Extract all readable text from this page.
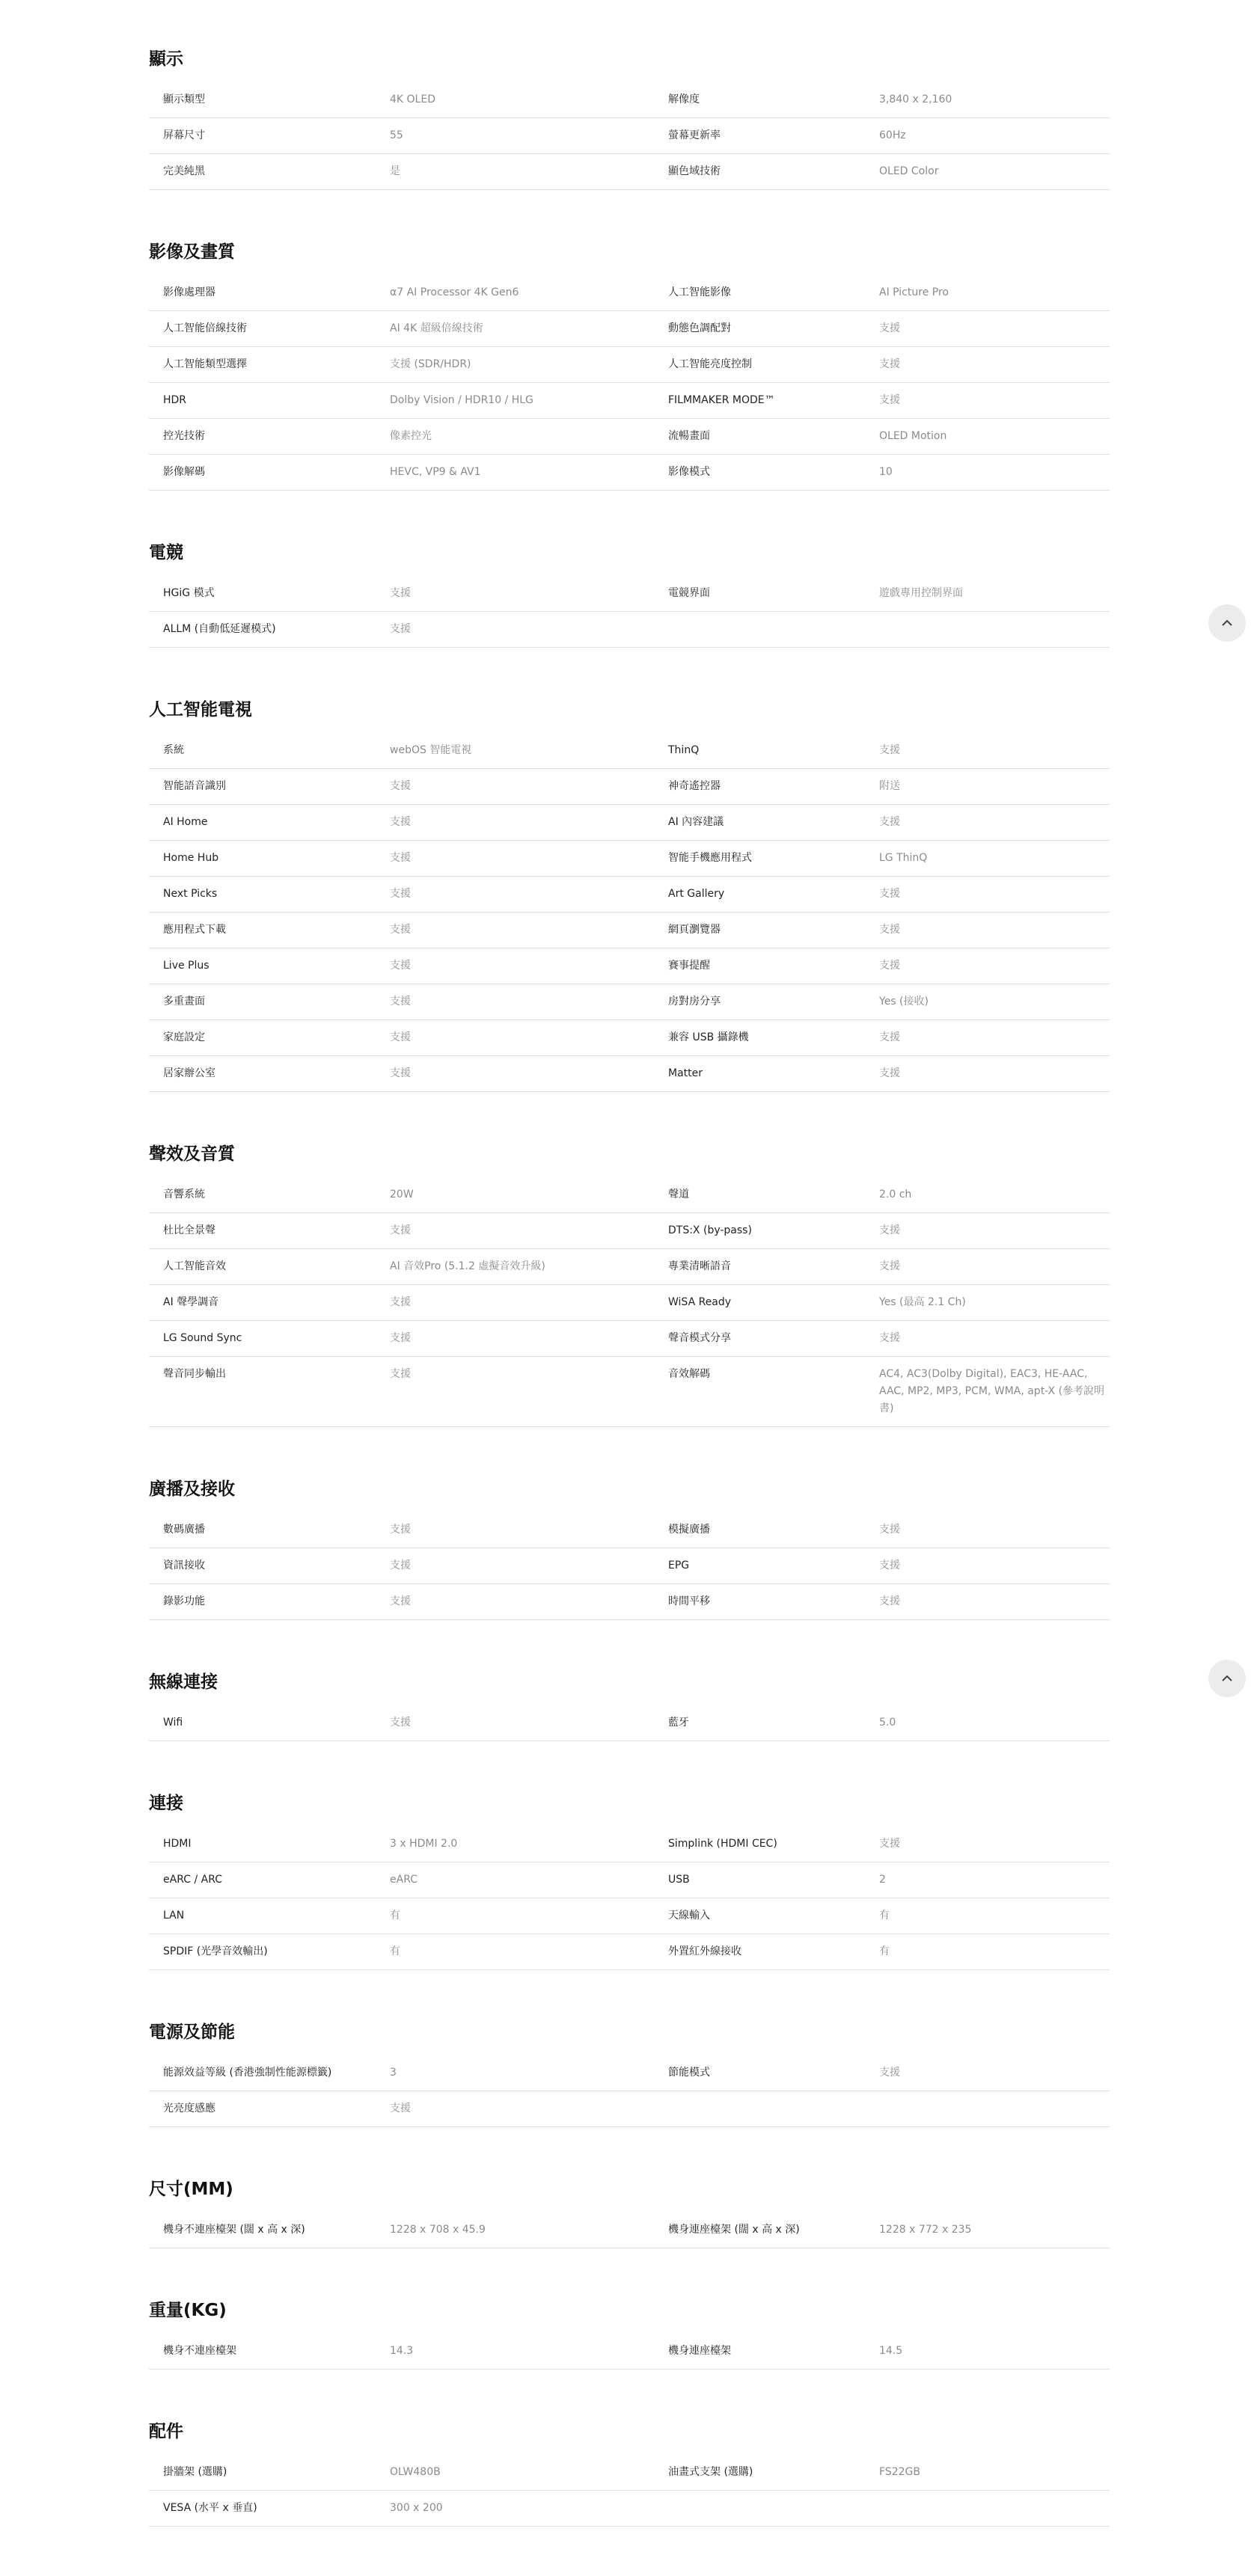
顯示
顯示類型	4K OLED	解像度	3,840 x 2,160
屏幕尺寸	55	螢幕更新率	60Hz
完美純黑	是	顯色域技術	OLED Color
影像及畫質
影像處理器	α7 AI Processor 4K Gen6	人工智能影像	AI Picture Pro
人工智能倍線技術	AI 4K 超級倍線技術	動態色調配對	支援
人工智能類型選擇	支援 (SDR/HDR)	人工智能亮度控制	支援
HDR	Dolby Vision / HDR10 / HLG	FILMMAKER MODE™	支援
控光技術	像素控光	流暢畫面	OLED Motion
影像解碼	HEVC, VP9 & AV1	影像模式	10
電競
HGiG 模式	支援	電競界面	遊戲專用控制界面
ALLM (自動低延遲模式)	支援
人工智能電視
系統	webOS 智能電視	ThinQ	支援
智能語音識別	支援	神奇遙控器	附送
AI Home	支援	AI 內容建議	支援
Home Hub	支援	智能手機應用程式	LG ThinQ
Next Picks	支援	Art Gallery	支援
應用程式下載	支援	網頁瀏覽器	支援
Live Plus	支援	賽事提醒	支援
多重畫面	支援	房對房分享	Yes (接收)
家庭設定	支援	兼容 USB 攝錄機	支援
居家辦公室	支援	Matter	支援
聲效及音質
音響系統	20W	聲道	2.0 ch
杜比全景聲	支援	DTS:X (by-pass)	支援
人工智能音效	AI 音效Pro (5.1.2 虛擬音效升級)	專業清晰語音	支援
AI 聲學調音	支援	WiSA Ready	Yes (最高 2.1 Ch)
LG Sound Sync	支援	聲音模式分享	支援
聲音同步輸出	支援	音效解碼	AC4, AC3(Dolby Digital), EAC3, HE-AAC, AAC, MP2, MP3, PCM, WMA, apt-X (參考說明書)
廣播及接收
數碼廣播	支援	模擬廣播	支援
資訊接收	支援	EPG	支援
錄影功能	支援	時間平移	支援
無線連接
Wifi	支援	藍牙	5.0
連接
HDMI	3 x HDMI 2.0	Simplink (HDMI CEC)	支援
eARC / ARC	eARC	USB	2
LAN	有	天線輸入	有
SPDIF (光學音效輸出)	有	外置紅外線接收	有
電源及節能
能源效益等級 (香港強制性能源標籤)	3	節能模式	支援
光亮度感應	支援
尺寸(MM)
機身不連座檯架 (闊 x 高 x 深)	1228 x 708 x 45.9	機身連座檯架 (闊 x 高 x 深)	1228 x 772 x 235
重量(KG)
機身不連座檯架	14.3	機身連座檯架	14.5
配件
掛牆架 (選購)	OLW480B	油畫式支架 (選購)	FS22GB
VESA (水平 x 垂直)	300 x 200
